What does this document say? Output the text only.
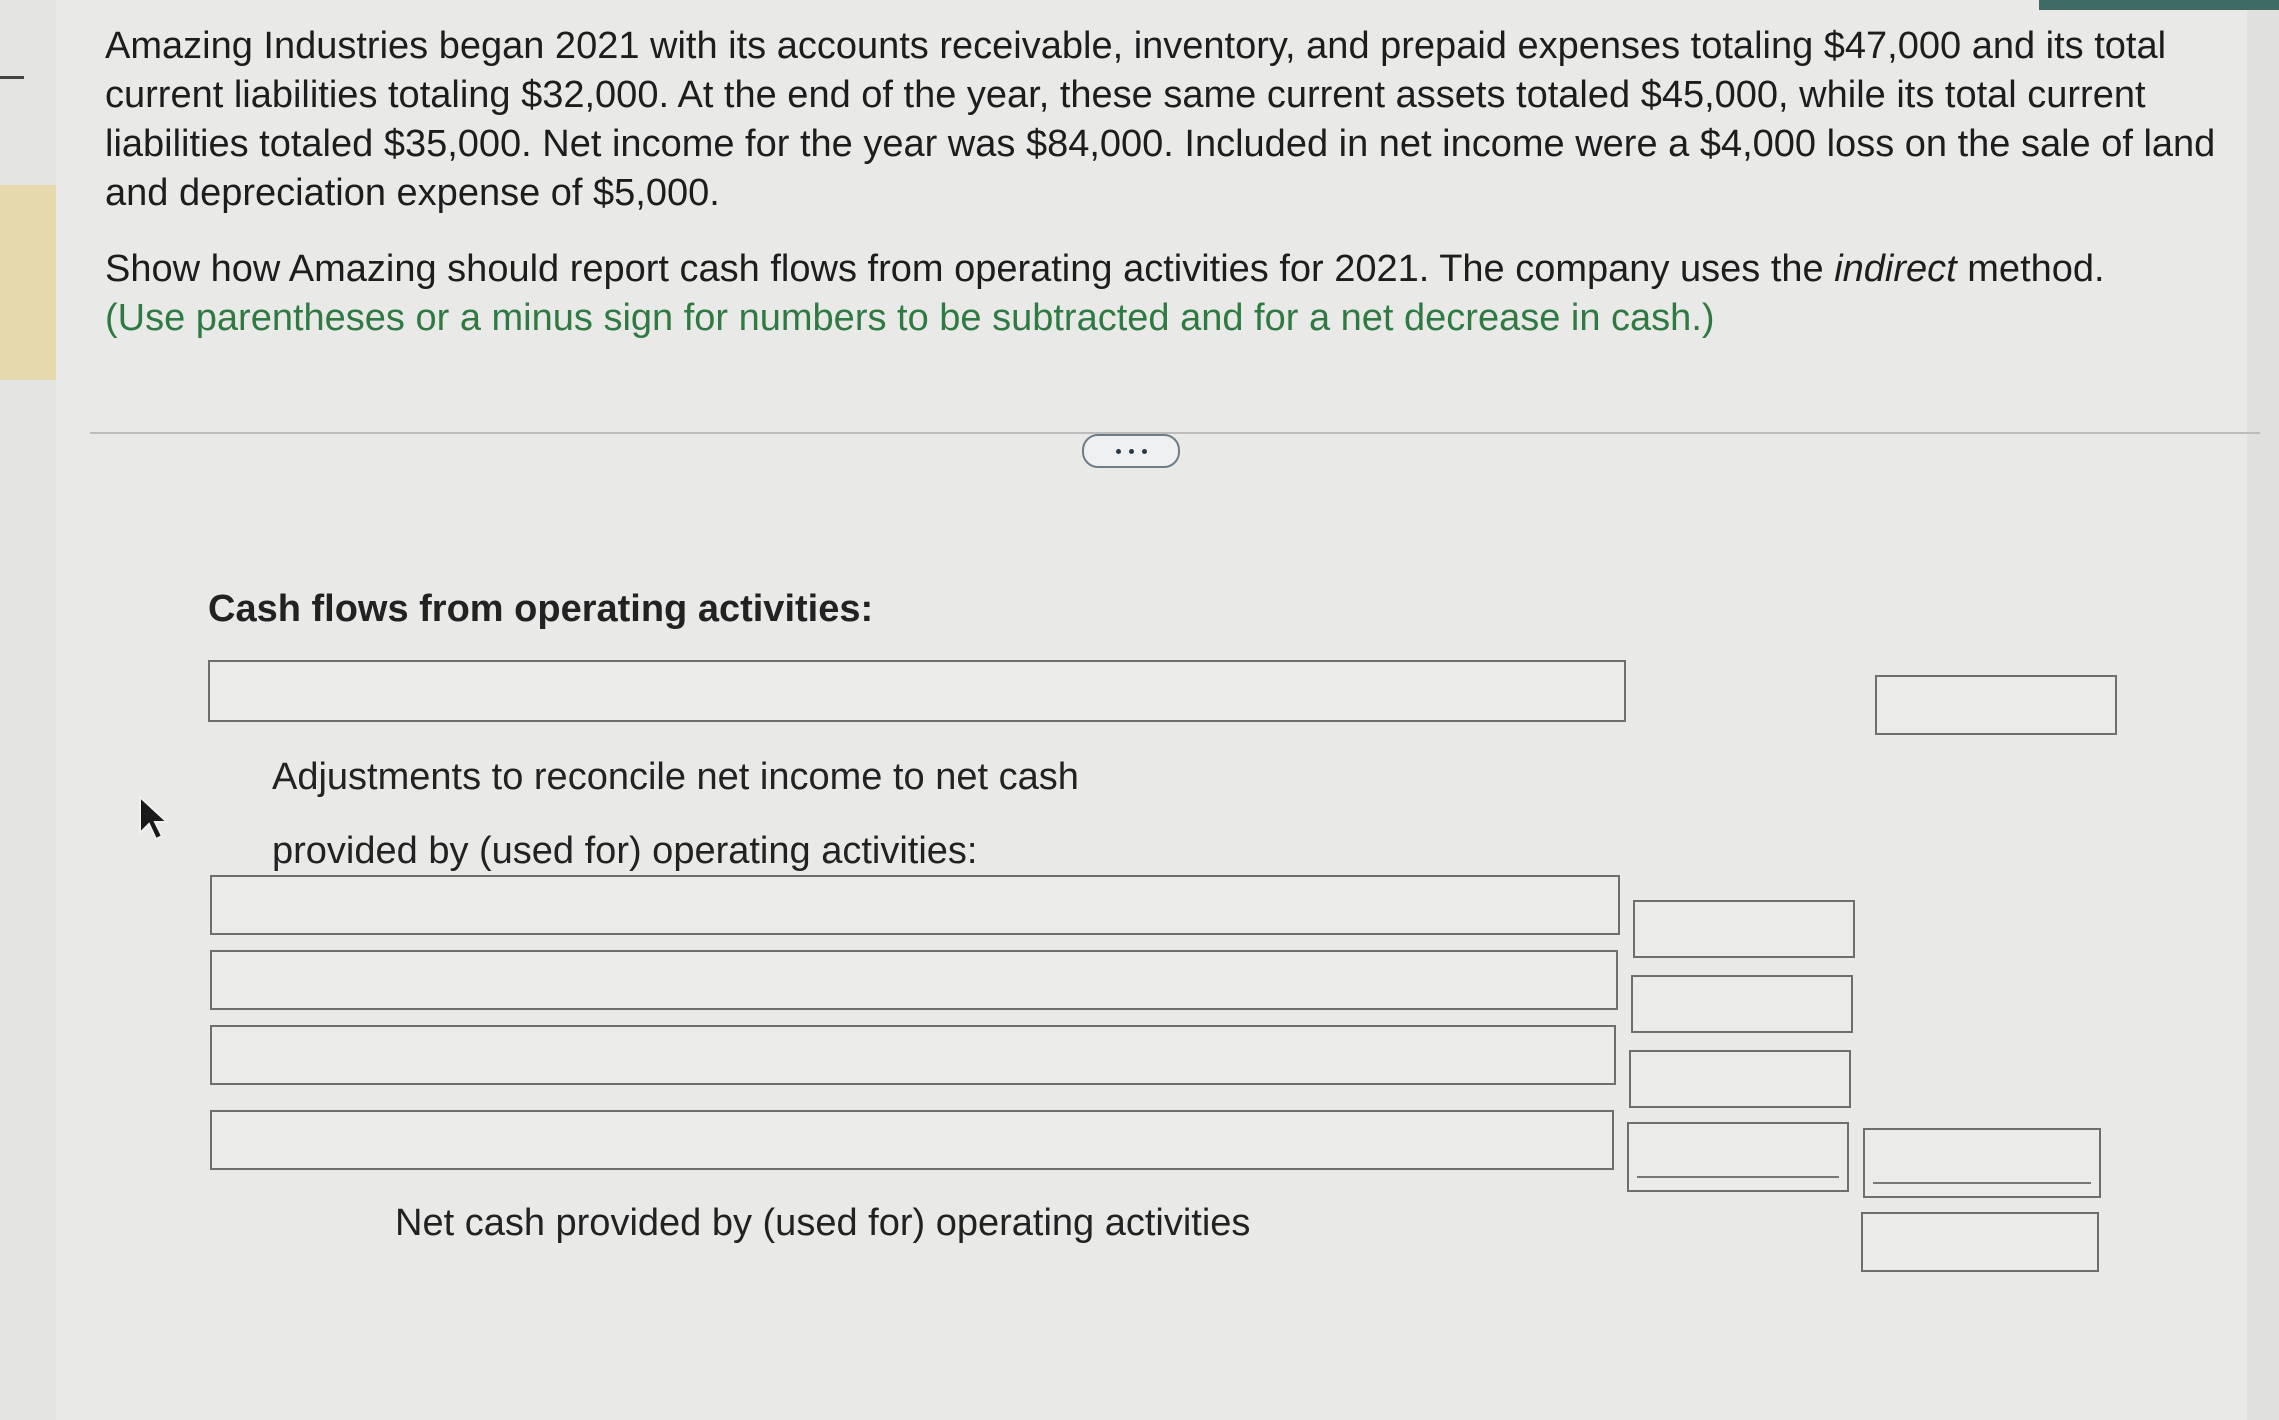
Amazing Industries began 2021 with its accounts receivable, inventory, and prepaid expenses totaling $47,000 and its total current liabilities totaling $32,000. At the end of the year, these same current assets totaled $45,000, while its total current liabilities totaled $35,000. Net income for the year was $84,000. Included in net income were a $4,000 loss on the sale of land and depreciation expense of $5,000.
Show how Amazing should report cash flows from operating activities for 2021. The company uses the indirect method.
(Use parentheses or a minus sign for numbers to be subtracted and for a net decrease in cash.)
Cash flows from operating activities:
Adjustments to reconcile net income to net cash
provided by (used for) operating activities:
Net cash provided by (used for) operating activities
